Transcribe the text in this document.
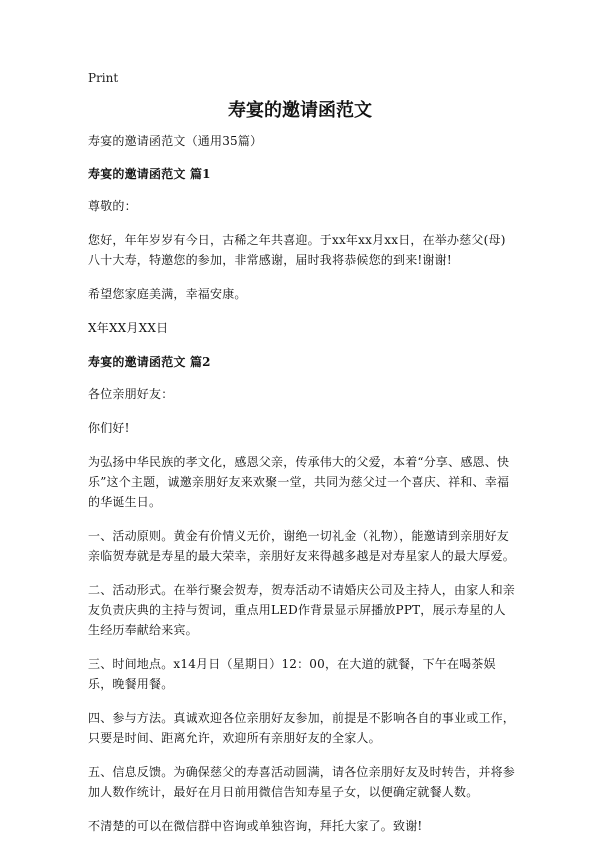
Print
寿宴的邀请函范文

寿宴的邀请函范文（通用35篇）

寿宴的邀请函范文 篇1

尊敬的：

您好，年年岁岁有今日，古稀之年共喜迎。于xx年xx月xx日，在举办慈父(母)八十大寿，特邀您的参加，非常感谢，届时我将恭候您的到来!谢谢!

希望您家庭美满，幸福安康。

X年XX月XX日

寿宴的邀请函范文 篇2

各位亲朋好友：

你们好!

为弘扬中华民族的孝文化，感恩父亲，传承伟大的父爱，本着“分享、感恩、快乐”这个主题，诚邀亲朋好友来欢聚一堂，共同为慈父过一个喜庆、祥和、幸福的华诞生日。

一、活动原则。黄金有价情义无价，谢绝一切礼金（礼物），能邀请到亲朋好友亲临贺寿就是寿星的最大荣幸，亲朋好友来得越多越是对寿星家人的最大厚爱。

二、活动形式。在举行聚会贺寿，贺寿活动不请婚庆公司及主持人，由家人和亲友负责庆典的主持与贺词，重点用LED作背景显示屏播放PPT，展示寿星的人生经历奉献给来宾。

三、时间地点。x14月日（星期日）12：00，在大道的就餐，下午在喝茶娱乐，晚餐用餐。

四、参与方法。真诚欢迎各位亲朋好友参加，前提是不影响各自的事业或工作，只要是时间、距离允许，欢迎所有亲朋好友的全家人。

五、信息反馈。为确保慈父的寿喜活动圆满，请各位亲朋好友及时转告，并将参加人数作统计，最好在月日前用微信告知寿星子女，以便确定就餐人数。

不清楚的可以在微信群中咨询或单独咨询，拜托大家了。致谢!
